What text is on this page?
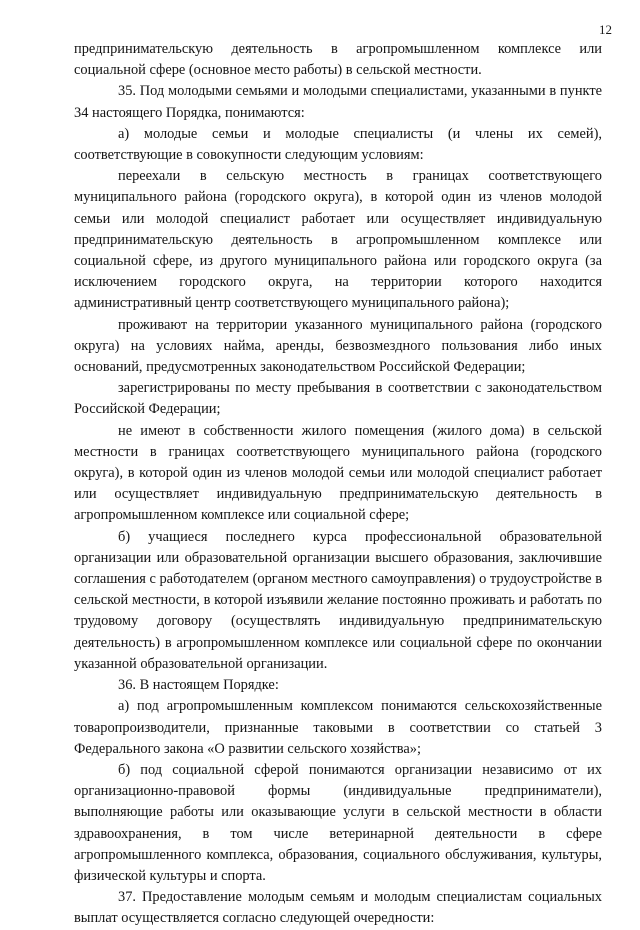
12

предпринимательскую деятельность в агропромышленном комплексе или социальной сфере (основное место работы) в сельской местности.

35. Под молодыми семьями и молодыми специалистами, указанными в пункте 34 настоящего Порядка, понимаются:

а) молодые семьи и молодые специалисты (и члены их семей), соответствующие в совокупности следующим условиям:

переехали в сельскую местность в границах соответствующего муниципального района (городского округа), в которой один из членов молодой семьи или молодой специалист работает или осуществляет индивидуальную предпринимательскую деятельность в агропромышленном комплексе или социальной сфере, из другого муниципального района или городского округа (за исключением городского округа, на территории которого находится административный центр соответствующего муниципального района);

проживают на территории указанного муниципального района (городского округа) на условиях найма, аренды, безвозмездного пользования либо иных оснований, предусмотренных законодательством Российской Федерации;

зарегистрированы по месту пребывания в соответствии с законодательством Российской Федерации;

не имеют в собственности жилого помещения (жилого дома) в сельской местности в границах соответствующего муниципального района (городского округа), в которой один из членов молодой семьи или молодой специалист работает или осуществляет индивидуальную предпринимательскую деятельность в агропромышленном комплексе или социальной сфере;

б) учащиеся последнего курса профессиональной образовательной организации или образовательной организации высшего образования, заключившие соглашения с работодателем (органом местного самоуправления) о трудоустройстве в сельской местности, в которой изъявили желание постоянно проживать и работать по трудовому договору (осуществлять индивидуальную предпринимательскую деятельность) в агропромышленном комплексе или социальной сфере по окончании указанной образовательной организации.

36. В настоящем Порядке:

а) под агропромышленным комплексом понимаются сельскохозяйственные товаропроизводители, признанные таковыми в соответствии со статьей 3 Федерального закона «О развитии сельского хозяйства»;

б) под социальной сферой понимаются организации независимо от их организационно-правовой формы (индивидуальные предприниматели), выполняющие работы или оказывающие услуги в сельской местности в области здравоохранения, в том числе ветеринарной деятельности в сфере агропромышленного комплекса, образования, социального обслуживания, культуры, физической культуры и спорта.

37. Предоставление молодым семьям и молодым специалистам социальных выплат осуществляется согласно следующей очередности:
